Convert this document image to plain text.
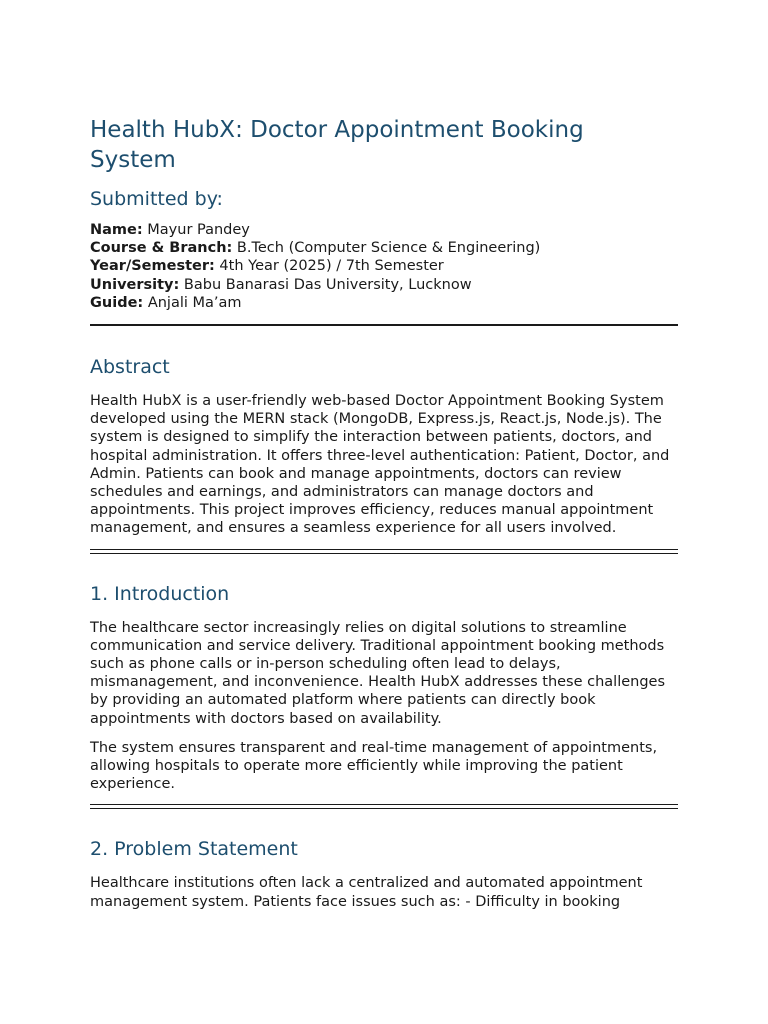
Health HubX: Doctor Appointment Booking System
Submitted by:
Name: Mayur Pandey
Course & Branch: B.Tech (Computer Science & Engineering)
Year/Semester: 4th Year (2025) / 7th Semester
University: Babu Banarasi Das University, Lucknow
Guide: Anjali Ma’am
Abstract

Health HubX is a user-friendly web-based Doctor Appointment Booking System developed using the MERN stack (MongoDB, Express.js, React.js, Node.js). The system is designed to simplify the interaction between patients, doctors, and hospital administration. It offers three-level authentication: Patient, Doctor, and Admin. Patients can book and manage appointments, doctors can review schedules and earnings, and administrators can manage doctors and appointments. This project improves efficiency, reduces manual appointment management, and ensures a seamless experience for all users involved.

1. Introduction

The healthcare sector increasingly relies on digital solutions to streamline communication and service delivery. Traditional appointment booking methods such as phone calls or in-person scheduling often lead to delays, mismanagement, and inconvenience. Health HubX addresses these challenges by providing an automated platform where patients can directly book appointments with doctors based on availability.

The system ensures transparent and real-time management of appointments, allowing hospitals to operate more efficiently while improving the patient experience.

2. Problem Statement

Healthcare institutions often lack a centralized and automated appointment management system. Patients face issues such as: - Difficulty in booking
